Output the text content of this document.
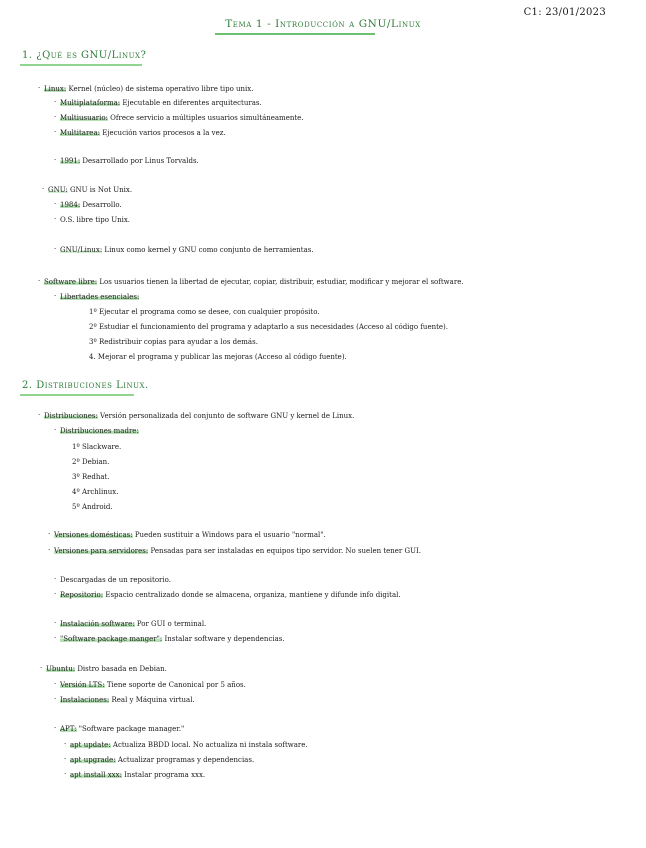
C1: 23/01/2023
Tema 1 - Introducción a GNU/Linux
1. ¿Qué es GNU/Linux?
· Linux: Kernel (núcleo) de sistema operativo libre tipo unix.
· Multiplataforma: Ejecutable en diferentes arquitecturas.
· Multiusuario: Ofrece servicio a múltiples usuarios simultáneamente.
· Multitarea: Ejecución varios procesos a la vez.
· 1991: Desarrollado por Linus Torvalds.
· GNU: GNU is Not Unix.
· 1984: Desarrollo.
· O.S. libre tipo Unix.
· GNU/Linux: Linux como kernel y GNU como conjunto de herramientas.
· Software libre: Los usuarios tienen la libertad de ejecutar, copiar, distribuir, estudiar, modificar y mejorar el software.
· Libertades esenciales:
1º Ejecutar el programa como se desee, con cualquier propósito.
2º Estudiar el funcionamiento del programa y adaptarlo a sus necesidades (Acceso al código fuente).
3º Redistribuir copias para ayudar a los demás.
4. Mejorar el programa y publicar las mejoras (Acceso al código fuente).
2. Distribuciones Linux.
· Distribuciones: Versión personalizada del conjunto de software GNU y kernel de Linux.
· Distribuciones madre:
1º Slackware.
2º Debian.
3º Redhat.
4º Archlinux.
5º Android.
· Versiones domésticas: Pueden sustituir a Windows para el usuario "normal".
· Versiones para servidores: Pensadas para ser instaladas en equipos tipo servidor. No suelen tener GUI.
· Descargadas de un repositorio.
· Repositorio: Espacio centralizado donde se almacena, organiza, mantiene y difunde info digital.
· Instalación software: Por GUI o terminal.
· "Software package manger": Instalar software y dependencias.
· Ubuntu: Distro basada en Debian.
· Versión LTS: Tiene soporte de Canonical por 5 años.
· Instalaciones: Real y Máquina virtual.
· APT: "Software package manager."
· apt update: Actualiza BBDD local. No actualiza ni instala software.
· apt upgrade: Actualizar programas y dependencias.
· apt install xxx: Instalar programa xxx.
